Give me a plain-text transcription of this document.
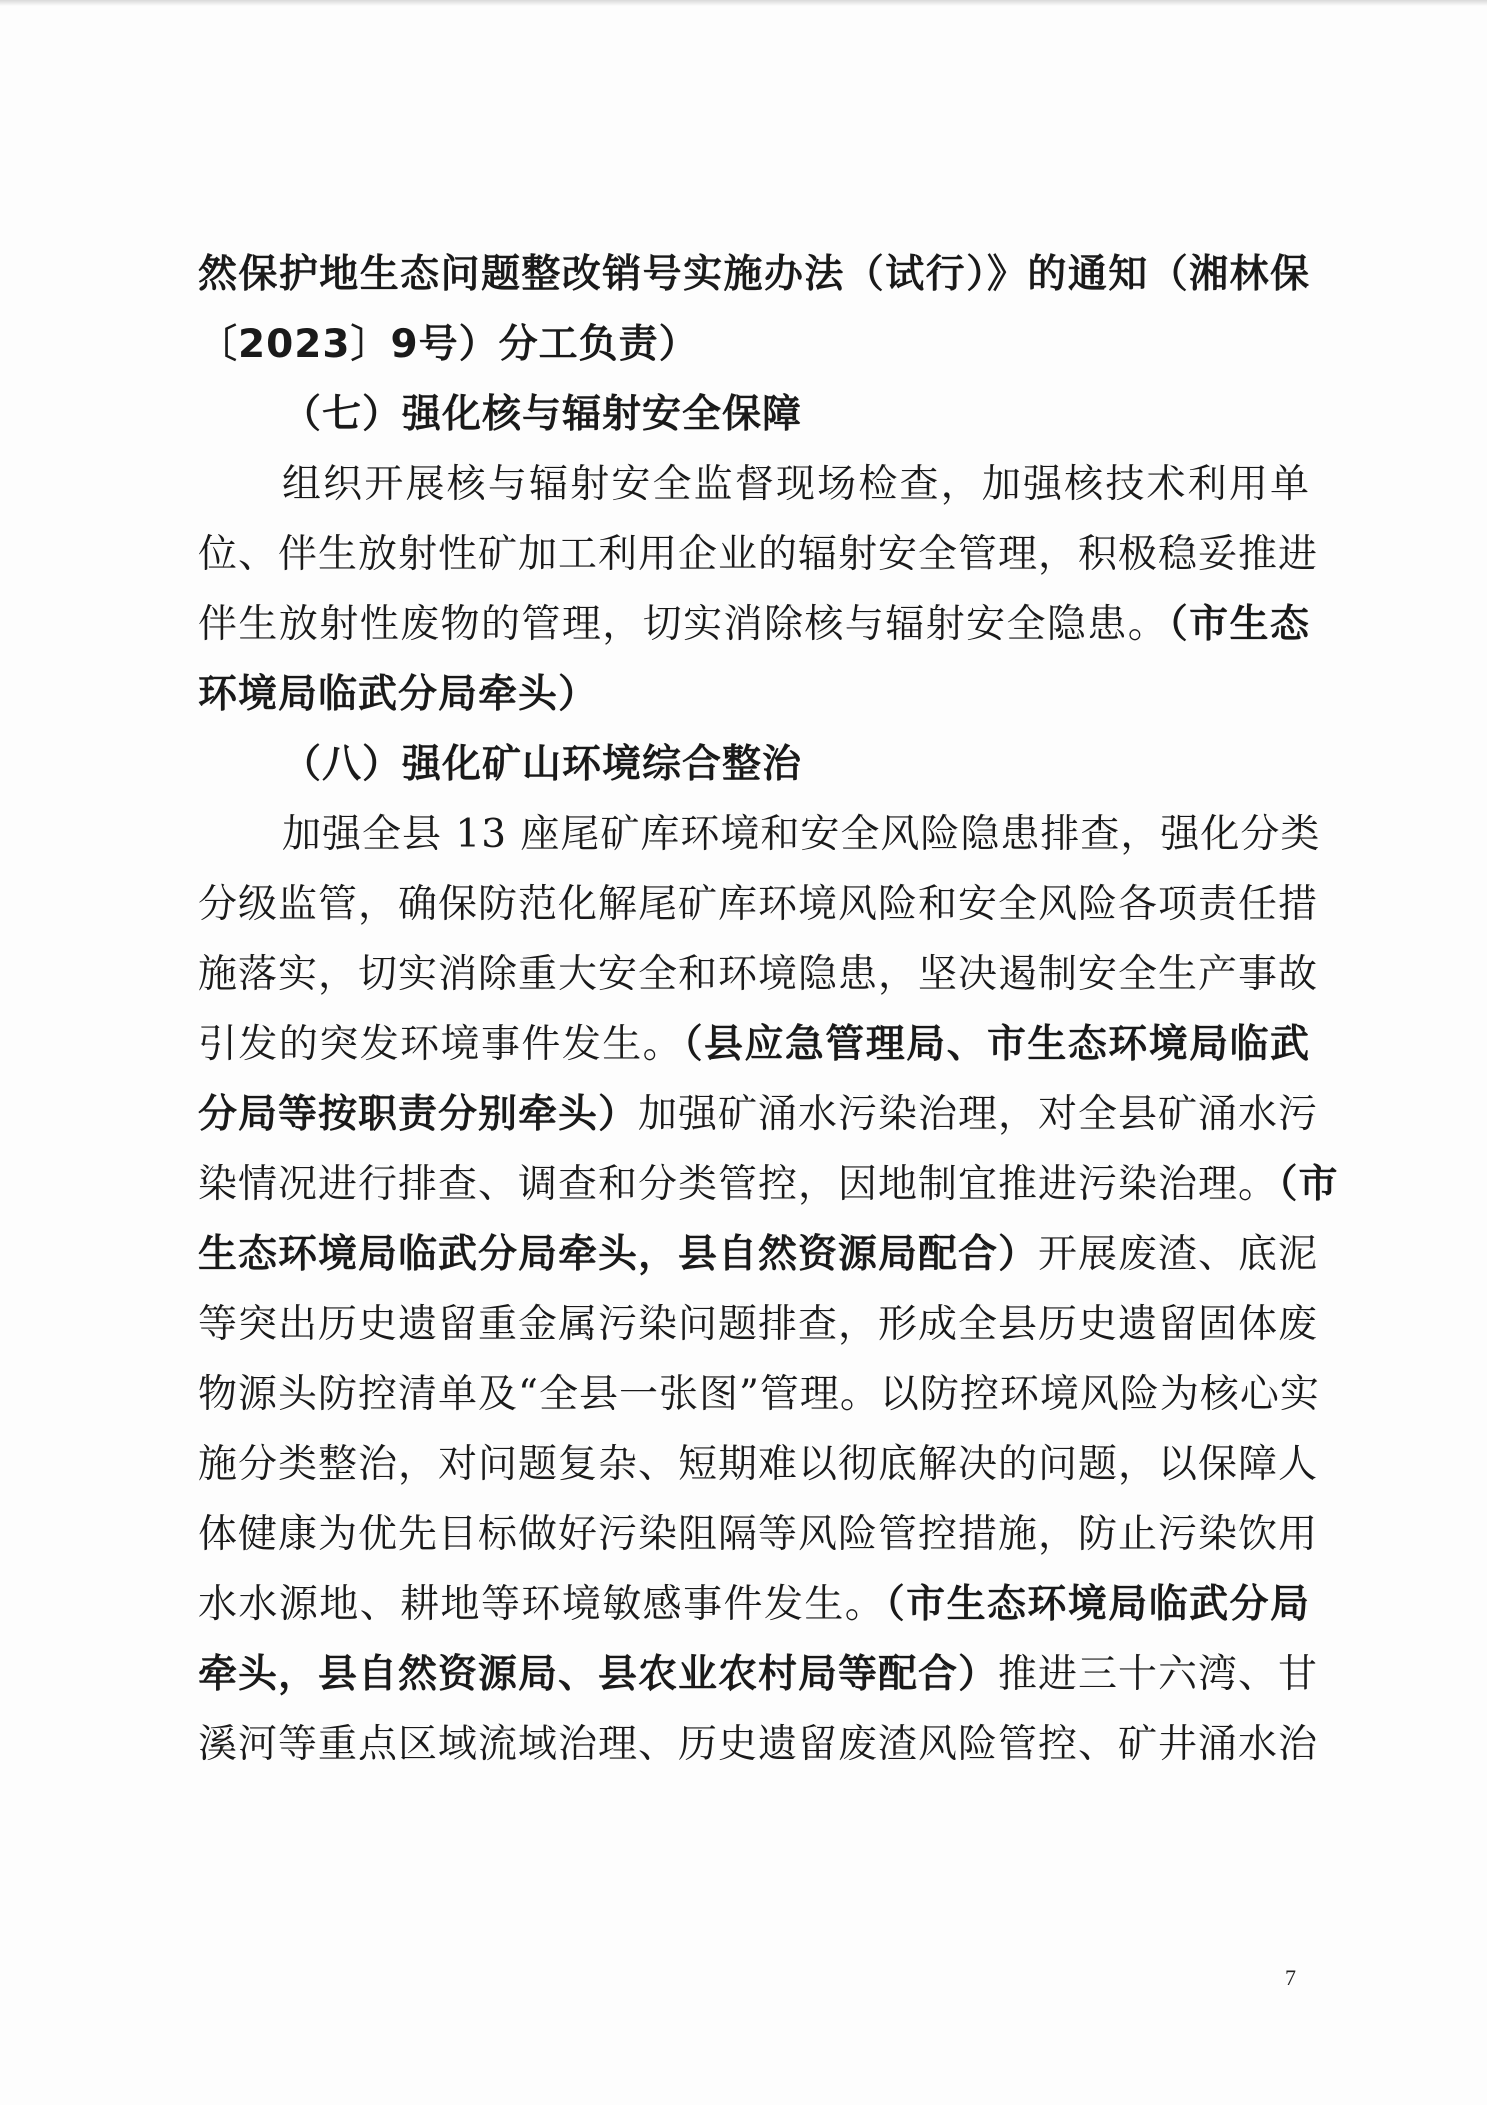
然保护地生态问题整改销号实施办法（试行）》的通知（湘林保
〔2023〕9号）分工负责）
（七）强化核与辐射安全保障
组织开展核与辐射安全监督现场检查，加强核技术利用单
位、伴生放射性矿加工利用企业的辐射安全管理，积极稳妥推进
伴生放射性废物的管理，切实消除核与辐射安全隐患。（市生态
环境局临武分局牵头）
（八）强化矿山环境综合整治
加强全县 13 座尾矿库环境和安全风险隐患排查，强化分类
分级监管，确保防范化解尾矿库环境风险和安全风险各项责任措
施落实，切实消除重大安全和环境隐患，坚决遏制安全生产事故
引发的突发环境事件发生。（县应急管理局、市生态环境局临武
分局等按职责分别牵头）加强矿涌水污染治理，对全县矿涌水污
染情况进行排查、调查和分类管控，因地制宜推进污染治理。（市
生态环境局临武分局牵头，县自然资源局配合）开展废渣、底泥
等突出历史遗留重金属污染问题排查，形成全县历史遗留固体废
物源头防控清单及“全县一张图”管理。以防控环境风险为核心实
施分类整治，对问题复杂、短期难以彻底解决的问题，以保障人
体健康为优先目标做好污染阻隔等风险管控措施，防止污染饮用
水水源地、耕地等环境敏感事件发生。（市生态环境局临武分局
牵头，县自然资源局、县农业农村局等配合）推进三十六湾、甘
溪河等重点区域流域治理、历史遗留废渣风险管控、矿井涌水治
7
